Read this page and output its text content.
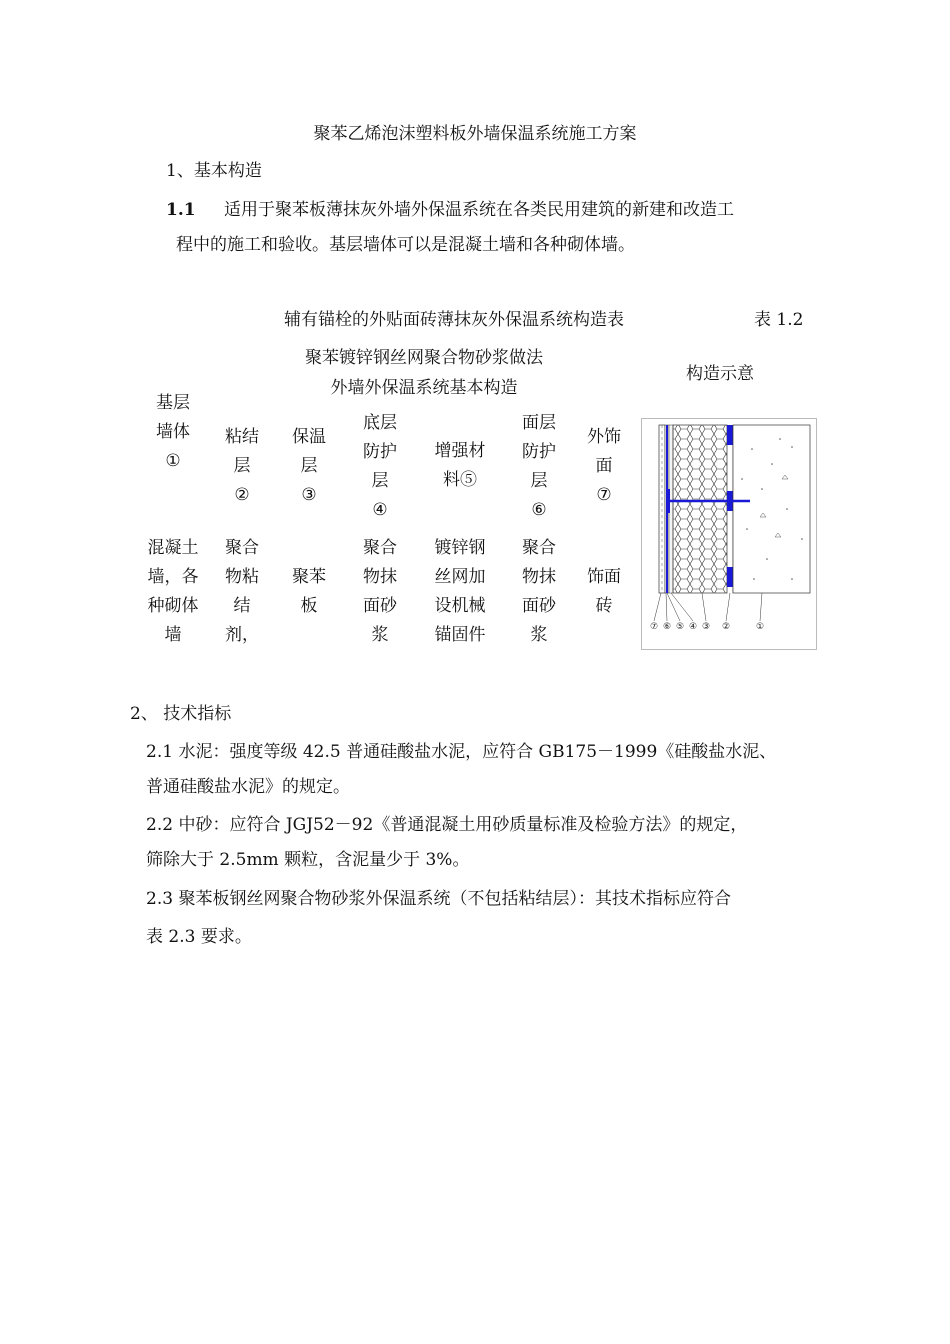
聚苯乙烯泡沫塑料板外墙保温系统施工方案
1、基本构造
1.1 适用于聚苯板薄抹灰外墙外保温系统在各类民用建筑的新建和改造工
程中的施工和验收。基层墙体可以是混凝土墙和各种砌体墙。
辅有锚栓的外贴面砖薄抹灰外保温系统构造表	表 1.2
聚苯镀锌钢丝网聚合物砂浆做法
外墙外保温系统基本构造
构造示意
基层
墙体
①
粘结
层
②
保温
层
③
底层
防护
层
④
增强材
料⑤
面层
防护
层
⑥
外饰
面
⑦
混凝土
墙，各
种砌体
墙
聚合
物粘
结
剂，
聚苯
板
聚合
物抹
面砂
浆
镀锌钢
丝网加
设机械
锚固件
聚合
物抹
面砂
浆
饰面
砖
⑦ ⑥ ⑤ ④ ③ ②	①
2、 技术指标
2.1 水泥：强度等级 42.5 普通硅酸盐水泥，应符合 GB175－1999《硅酸盐水泥、
普通硅酸盐水泥》的规定。
2.2 中砂：应符合 JGJ52－92《普通混凝土用砂质量标准及检验方法》的规定，
筛除大于 2.5mm 颗粒，含泥量少于 3%。
2.3 聚苯板钢丝网聚合物砂浆外保温系统（不包括粘结层）：其技术指标应符合
表 2.3 要求。
